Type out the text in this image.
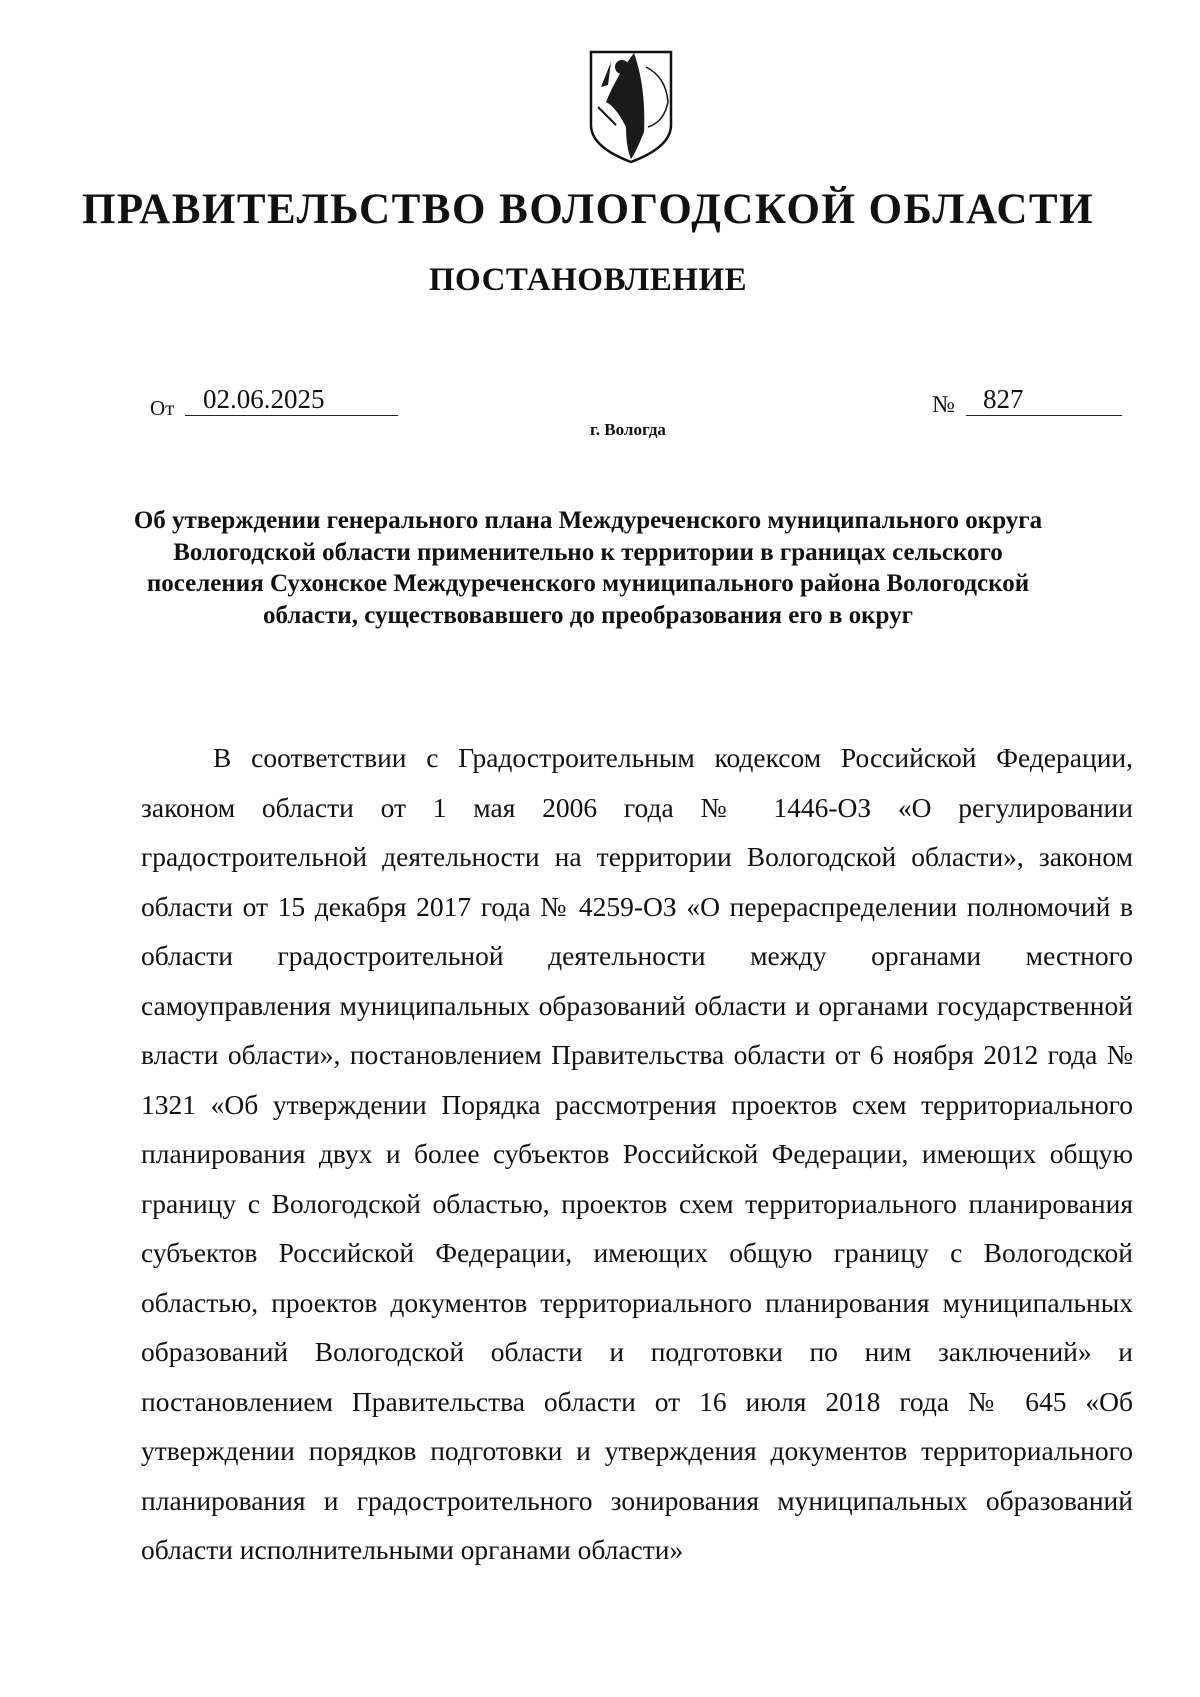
ПРАВИТЕЛЬСТВО ВОЛОГОДСКОЙ ОБЛАСТИ
ПОСТАНОВЛЕНИЕ
От	02.06.2025	№	827
г. Вологда
Об утверждении генерального плана Междуреченского муниципального округа Вологодской области применительно к территории в границах сельского поселения Сухонское Междуреченского муниципального района Вологодской области, существовавшего до преобразования его в округ
В соответствии с Градостроительным кодексом Российской Федерации, законом области от 1 мая 2006 года № 1446-ОЗ «О регулировании градостроительной деятельности на территории Вологодской области», законом области от 15 декабря 2017 года № 4259-ОЗ «О перераспределении полномочий в области градостроительной деятельности между органами местного самоуправления муниципальных образований области и органами государственной власти области», постановлением Правительства области от 6 ноября 2012 года № 1321 «Об утверждении Порядка рассмотрения проектов схем территориального планирования двух и более субъектов Российской Федерации, имеющих общую границу с Вологодской областью, проектов схем территориального планирования субъектов Российской Федерации, имеющих общую границу с Вологодской областью, проектов документов территориального планирования муниципальных образований Вологодской области и подготовки по ним заключений» и постановлением Правительства области от 16 июля 2018 года № 645 «Об утверждении порядков подготовки и утверждения документов территориального планирования и градостроительного зонирования муниципальных образований области исполнительными органами области»
